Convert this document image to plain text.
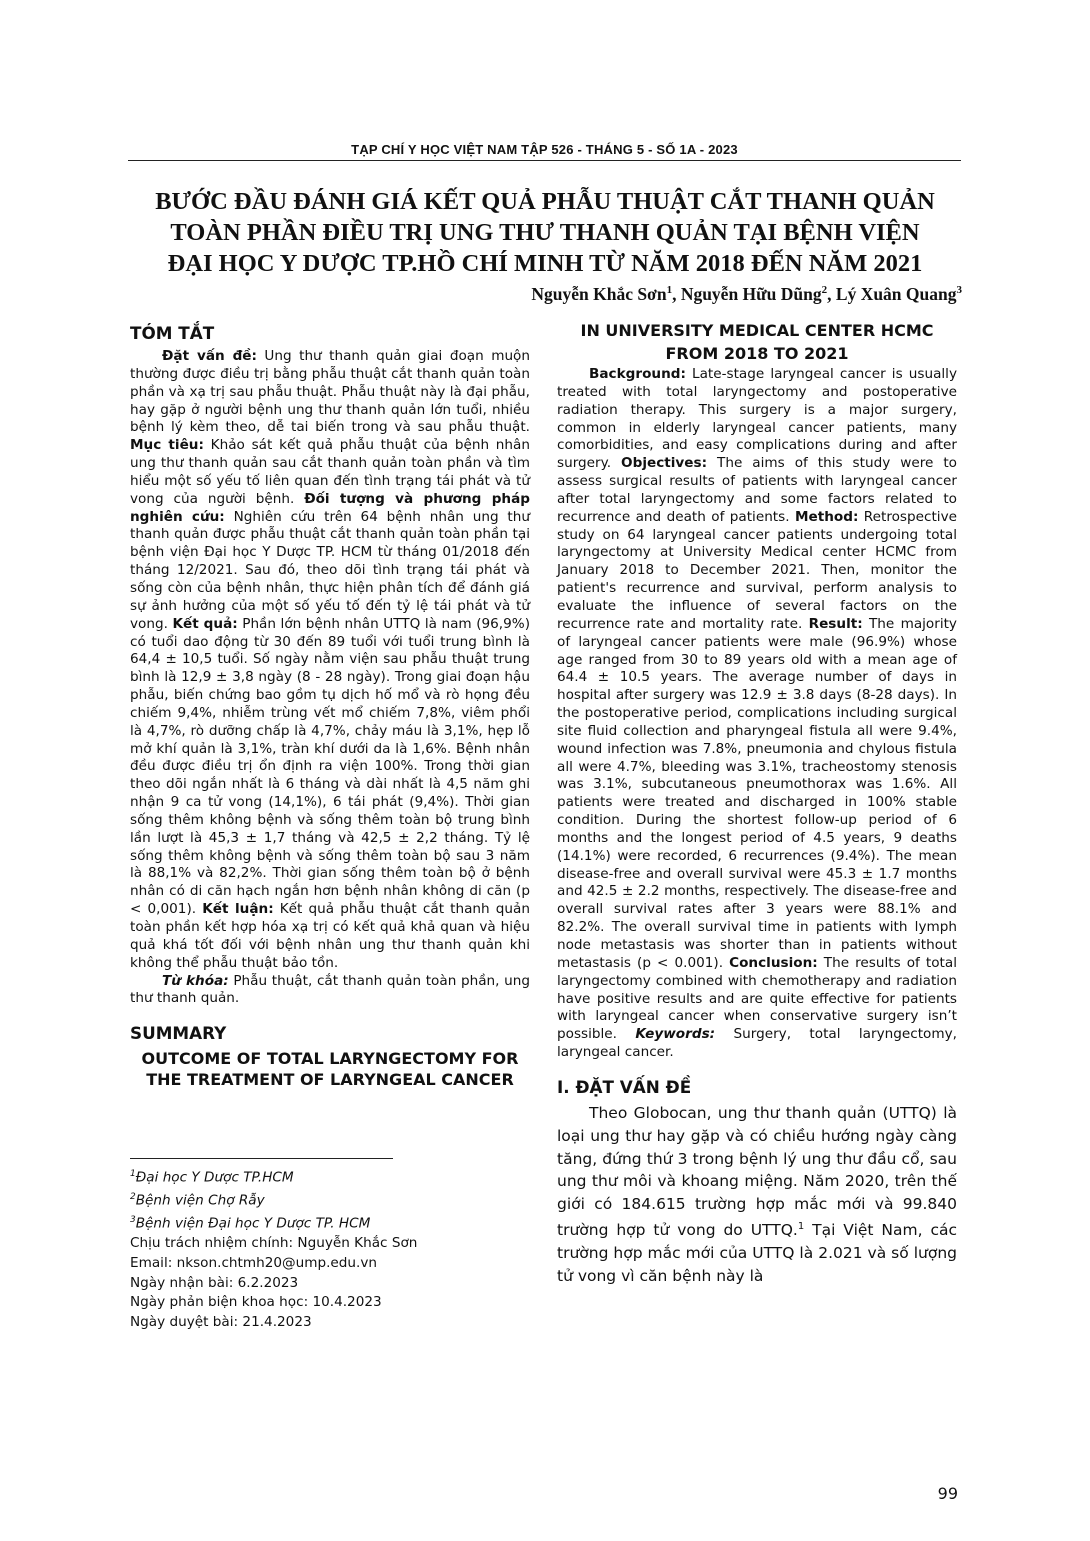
TẠP CHÍ Y HỌC VIỆT NAM TẬP 526 - THÁNG 5 - SỐ 1A - 2023
BƯỚC ĐẦU ĐÁNH GIÁ KẾT QUẢ PHẪU THUẬT CẮT THANH QUẢN
TOÀN PHẦN ĐIỀU TRỊ UNG THƯ THANH QUẢN TẠI BỆNH VIỆN
ĐẠI HỌC Y DƯỢC TP.HỒ CHÍ MINH TỪ NĂM 2018 ĐẾN NĂM 2021
Nguyễn Khắc Sơn$^1$, Nguyễn Hữu Dũng$^2$, Lý Xuân Quang$^3$
TÓM TẮT

Đặt vấn đề: Ung thư thanh quản giai đoạn muộn thường được điều trị bằng phẫu thuật cắt thanh quản toàn phần và xạ trị sau phẫu thuật. Phẫu thuật này là đại phẫu, hay gặp ở người bệnh ung thư thanh quản lớn tuổi, nhiều bệnh lý kèm theo, dễ tai biến trong và sau phẫu thuật. Mục tiêu: Khảo sát kết quả phẫu thuật của bệnh nhân ung thư thanh quản sau cắt thanh quản toàn phần và tìm hiểu một số yếu tố liên quan đến tình trạng tái phát và tử vong của người bệnh. Đối tượng và phương pháp nghiên cứu: Nghiên cứu trên 64 bệnh nhân ung thư thanh quản được phẫu thuật cắt thanh quản toàn phần tại bệnh viện Đại học Y Dược TP. HCM từ tháng 01/2018 đến tháng 12/2021. Sau đó, theo dõi tình trạng tái phát và sống còn của bệnh nhân, thực hiện phân tích để đánh giá sự ảnh hưởng của một số yếu tố đến tỷ lệ tái phát và tử vong. Kết quả: Phần lớn bệnh nhân UTTQ là nam (96,9%) có tuổi dao động từ 30 đến 89 tuổi với tuổi trung bình là 64,4 ± 10,5 tuổi. Số ngày nằm viện sau phẫu thuật trung bình là 12,9 ± 3,8 ngày (8 - 28 ngày). Trong giai đoạn hậu phẫu, biến chứng bao gồm tụ dịch hố mổ và rò họng đều chiếm 9,4%, nhiễm trùng vết mổ chiếm 7,8%, viêm phổi là 4,7%, rò dưỡng chấp là 4,7%, chảy máu là 3,1%, hẹp lỗ mở khí quản là 3,1%, tràn khí dưới da là 1,6%. Bệnh nhân đều được điều trị ổn định ra viện 100%. Trong thời gian theo dõi ngắn nhất là 6 tháng và dài nhất là 4,5 năm ghi nhận 9 ca tử vong (14,1%), 6 tái phát (9,4%). Thời gian sống thêm không bệnh và sống thêm toàn bộ trung bình lần lượt là 45,3 ± 1,7 tháng và 42,5 ± 2,2 tháng. Tỷ lệ sống thêm không bệnh và sống thêm toàn bộ sau 3 năm là 88,1% và 82,2%. Thời gian sống thêm toàn bộ ở bệnh nhân có di căn hạch ngắn hơn bệnh nhân không di căn (p < 0,001). Kết luận: Kết quả phẫu thuật cắt thanh quản toàn phần kết hợp hóa xạ trị có kết quả khả quan và hiệu quả khá tốt đối với bệnh nhân ung thư thanh quản khi không thể phẫu thuật bảo tồn.

Từ khóa: Phẫu thuật, cắt thanh quản toàn phần, ung thư thanh quản.

SUMMARY
OUTCOME OF TOTAL LARYNGECTOMY FOR THE TREATMENT OF LARYNGEAL CANCER
$^1$Đại học Y Dược TP.HCM
$^2$Bệnh viện Chợ Rẫy
$^3$Bệnh viện Đại học Y Dược TP. HCM
Chịu trách nhiệm chính: Nguyễn Khắc Sơn
Email: nkson.chtmh20@ump.edu.vn
Ngày nhận bài: 6.2.2023
Ngày phản biện khoa học: 10.4.2023
Ngày duyệt bài: 21.4.2023
IN UNIVERSITY MEDICAL CENTER HCMC
FROM 2018 TO 2021

Background: Late-stage laryngeal cancer is usually treated with total laryngectomy and postoperative radiation therapy. This surgery is a major surgery, common in elderly laryngeal cancer patients, many comorbidities, and easy complications during and after surgery. Objectives: The aims of this study were to assess surgical results of patients with laryngeal cancer after total laryngectomy and some factors related to recurrence and death of patients. Method: Retrospective study on 64 laryngeal cancer patients undergoing total laryngectomy at University Medical center HCMC from January 2018 to December 2021. Then, monitor the patient's recurrence and survival, perform analysis to evaluate the influence of several factors on the recurrence rate and mortality rate. Result: The majority of laryngeal cancer patients were male (96.9%) whose age ranged from 30 to 89 years old with a mean age of 64.4 ± 10.5 years. The average number of days in hospital after surgery was 12.9 ± 3.8 days (8-28 days). In the postoperative period, complications including surgical site fluid collection and pharyngeal fistula all were 9.4%, wound infection was 7.8%, pneumonia and chylous fistula all were 4.7%, bleeding was 3.1%, tracheostomy stenosis was 3.1%, subcutaneous pneumothorax was 1.6%. All patients were treated and discharged in 100% stable condition. During the shortest follow-up period of 6 months and the longest period of 4.5 years, 9 deaths (14.1%) were recorded, 6 recurrences (9.4%). The mean disease-free and overall survival were 45.3 ± 1.7 months and 42.5 ± 2.2 months, respectively. The disease-free and overall survival rates after 3 years were 88.1% and 82.2%. The overall survival time in patients with lymph node metastasis was shorter than in patients without metastasis (p < 0.001). Conclusion: The results of total laryngectomy combined with chemotherapy and radiation have positive results and are quite effective for patients with laryngeal cancer when conservative surgery isn’t possible. Keywords: Surgery, total laryngectomy, laryngeal cancer.

I. ĐẶT VẤN ĐỀ

Theo Globocan, ung thư thanh quản (UTTQ) là loại ung thư hay gặp và có chiều hướng ngày càng tăng, đứng thứ 3 trong bệnh lý ung thư đầu cổ, sau ung thư môi và khoang miệng. Năm 2020, trên thế giới có 184.615 trường hợp mắc mới và 99.840 trường hợp tử vong do UTTQ.$^1$ Tại Việt Nam, các trường hợp mắc mới của UTTQ là 2.021 và số lượng tử vong vì căn bệnh này là

99
